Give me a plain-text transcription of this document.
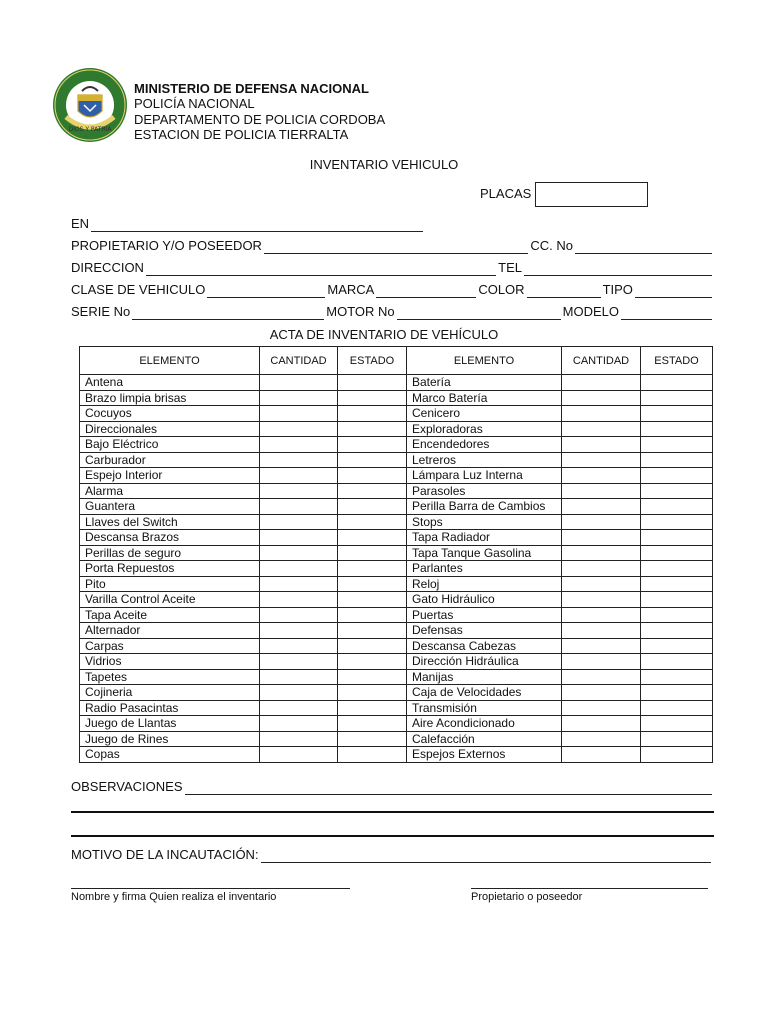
DIOS Y PATRIA
MINISTERIO DE DEFENSA NACIONAL
POLICÍA NACIONAL
DEPARTAMENTO DE POLICIA CORDOBA
ESTACION DE POLICIA TIERRALTA
INVENTARIO VEHICULO
PLACAS
EN
PROPIETARIO Y/O POSEEDOR	CC. No
DIRECCION	TEL
CLASE DE VEHICULO	MARCA	COLOR	TIPO
SERIE No	MOTOR No	MODELO
ACTA DE INVENTARIO DE VEHÍCULO
ELEMENTO	CANTIDAD	ESTADO	ELEMENTO	CANTIDAD	ESTADO
Antena			Batería		
Brazo limpia brisas			Marco Batería		
Cocuyos			Cenicero		
Direccionales			Exploradoras		
Bajo Eléctrico			Encendedores		
Carburador			Letreros		
Espejo Interior			Lámpara Luz Interna		
Alarma			Parasoles		
Guantera			Perilla Barra de Cambios		
Llaves del Switch			Stops		
Descansa Brazos			Tapa Radiador		
Perillas de seguro			Tapa Tanque Gasolina		
Porta Repuestos			Parlantes		
Pito			Reloj		
Varilla Control Aceite			Gato Hidráulico		
Tapa Aceite			Puertas		
Alternador			Defensas		
Carpas			Descansa Cabezas		
Vidrios			Dirección Hidráulica		
Tapetes			Manijas		
Cojineria			Caja de Velocidades		
Radio Pasacintas			Transmisión		
Juego de Llantas			Aire Acondicionado		
Juego de Rines			Calefacción		
Copas			Espejos Externos		
OBSERVACIONES
MOTIVO DE LA INCAUTACIÓN:
Nombre y firma Quien realiza el inventario	Propietario o poseedor
